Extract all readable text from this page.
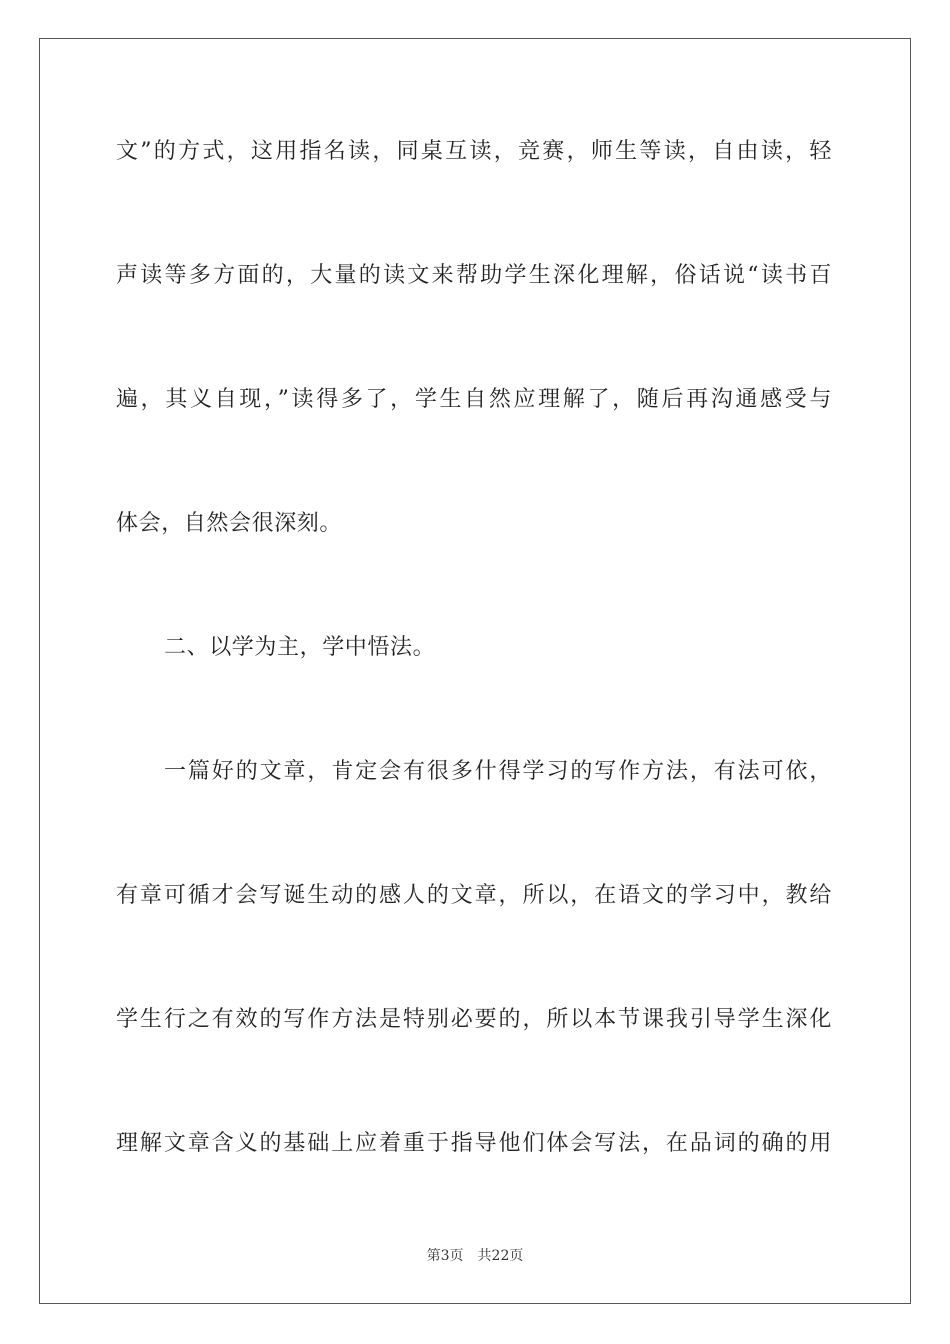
文”的方式，这用指名读，同桌互读，竞赛，师生等读，自由读，轻
声读等多方面的，大量的读文来帮助学生深化理解，俗话说“读书百
遍，其义自现，”读得多了，学生自然应理解了，随后再沟通感受与
体会，自然会很深刻。
二、以学为主，学中悟法。
一篇好的文章，肯定会有很多什得学习的写作方法，有法可依，
有章可循才会写诞生动的感人的文章，所以，在语文的学习中，教给
学生行之有效的写作方法是特别必要的，所以本节课我引导学生深化
理解文章含义的基础上应着重于指导他们体会写法，在品词的确的用
第3页 共22页
